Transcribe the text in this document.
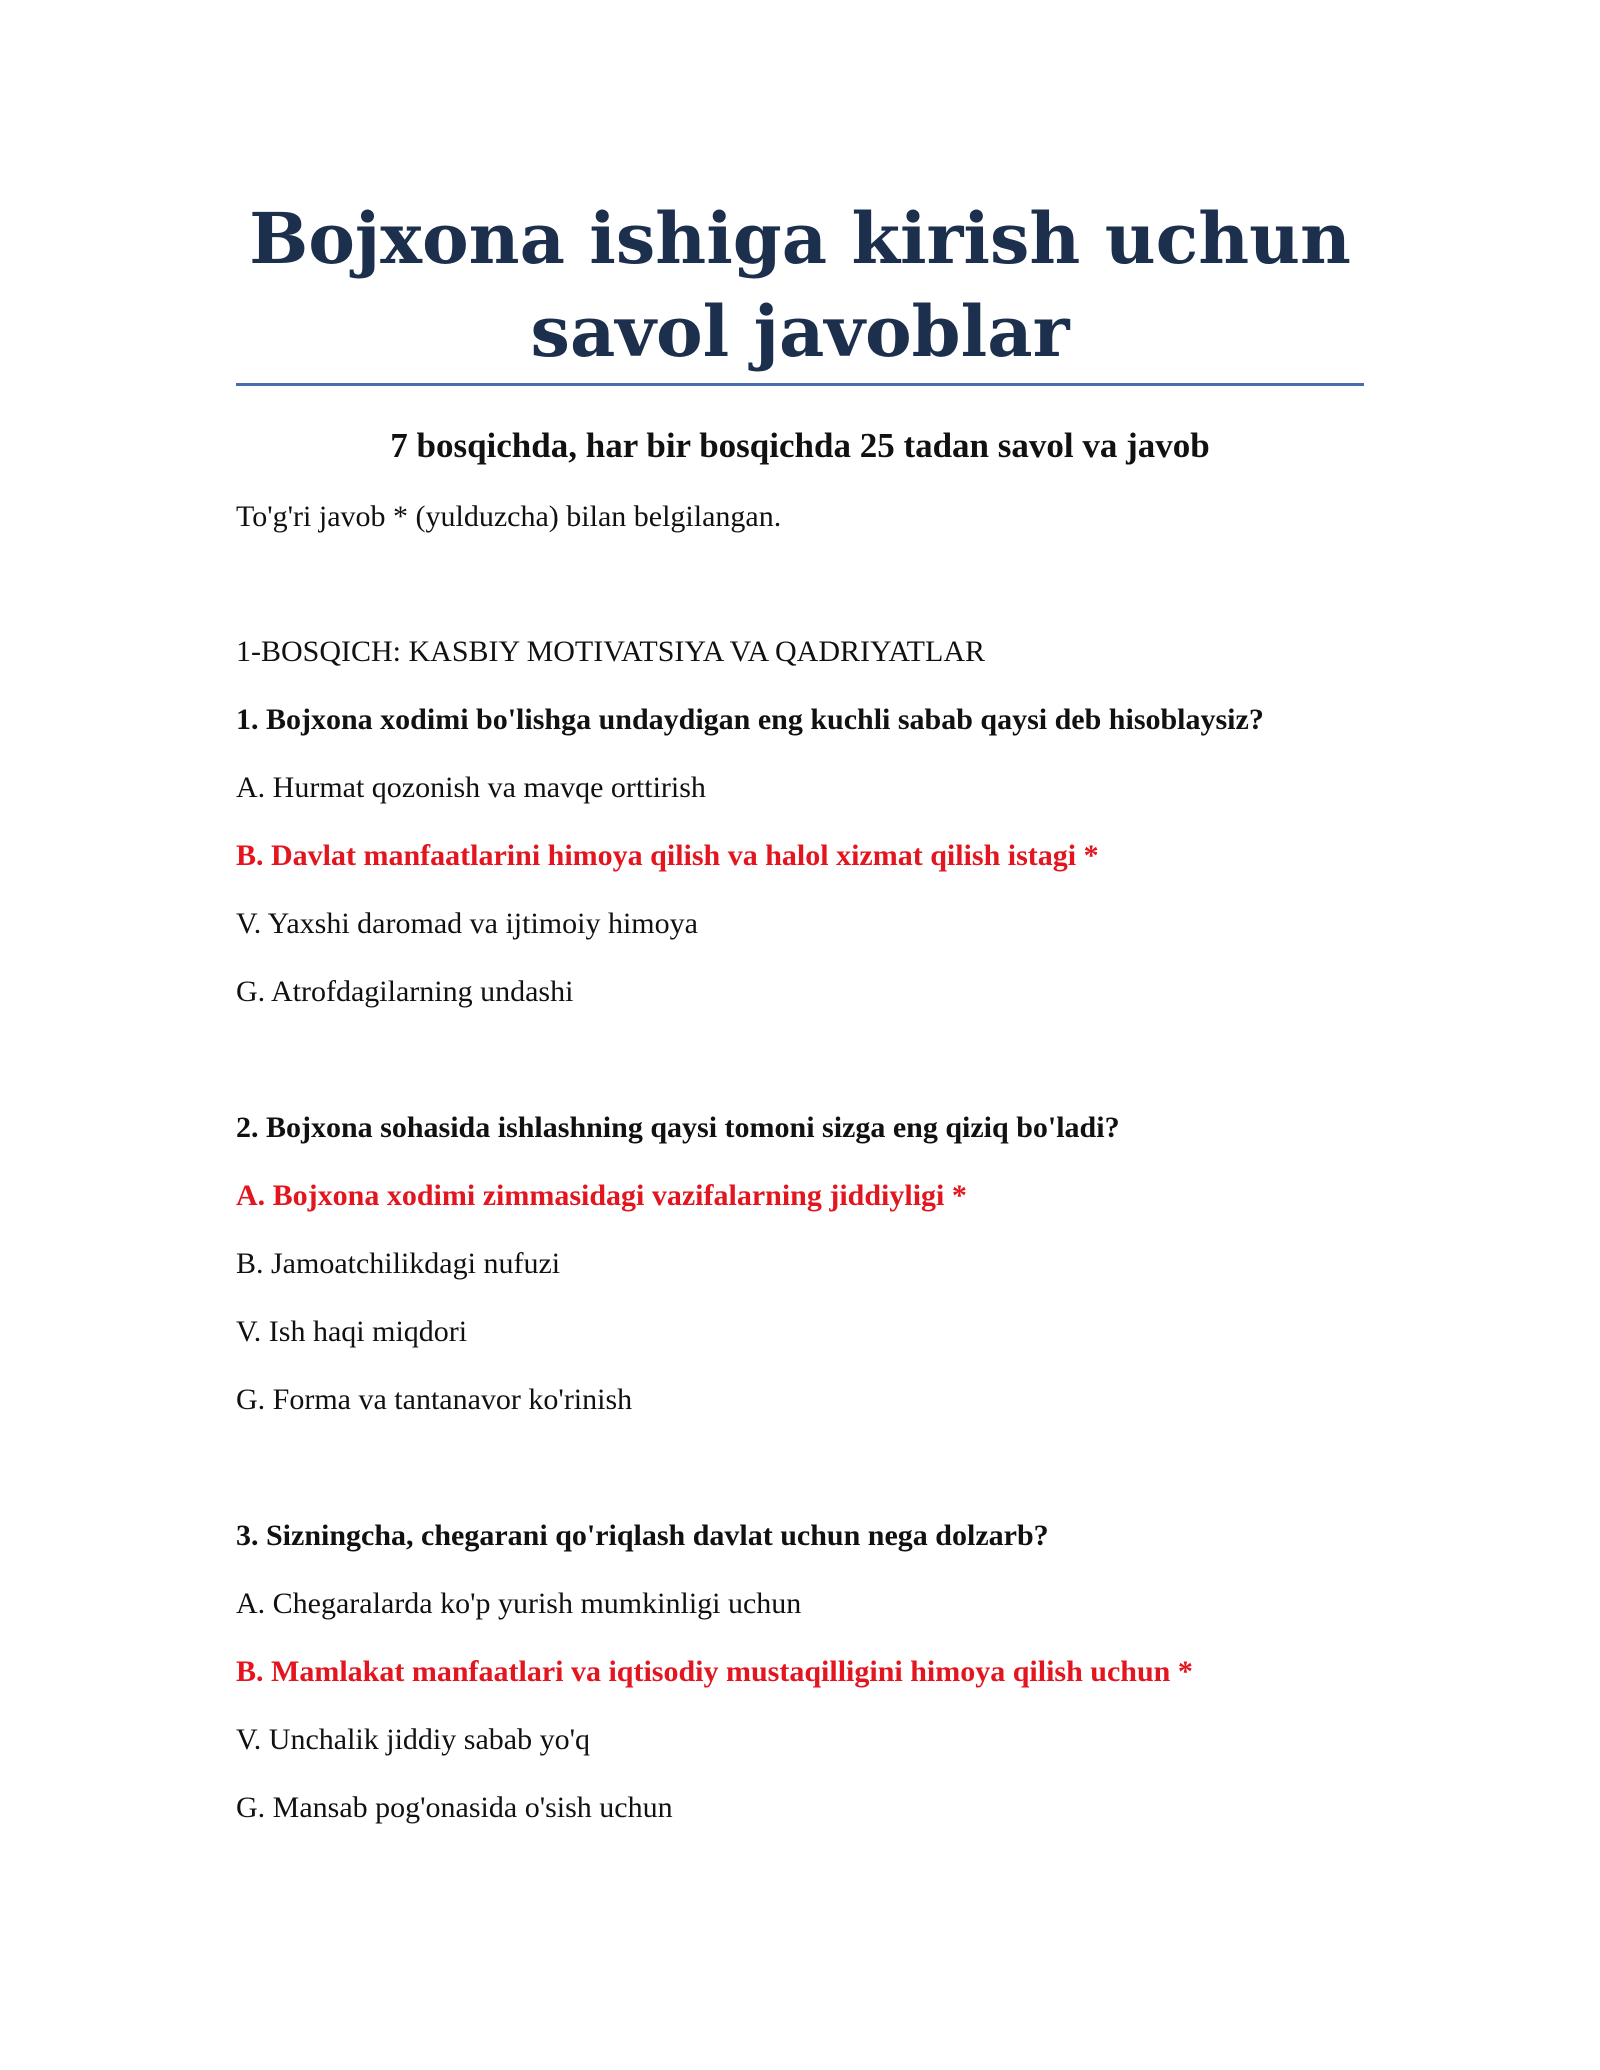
Bojxona ishiga kirish uchun
savol javoblar

7 bosqichda, har bir bosqichda 25 tadan savol va javob

To'g'ri javob * (yulduzcha) bilan belgilangan.

1-BOSQICH: KASBIY MOTIVATSIYA VA QADRIYATLAR

1. Bojxona xodimi bo'lishga undaydigan eng kuchli sabab qaysi deb hisoblaysiz?

A. Hurmat qozonish va mavqe orttirish

B. Davlat manfaatlarini himoya qilish va halol xizmat qilish istagi *

V. Yaxshi daromad va ijtimoiy himoya

G. Atrofdagilarning undashi

2. Bojxona sohasida ishlashning qaysi tomoni sizga eng qiziq bo'ladi?

A. Bojxona xodimi zimmasidagi vazifalarning jiddiyligi *

B. Jamoatchilikdagi nufuzi

V. Ish haqi miqdori

G. Forma va tantanavor ko'rinish

3. Sizningcha, chegarani qo'riqlash davlat uchun nega dolzarb?

A. Chegaralarda ko'p yurish mumkinligi uchun

B. Mamlakat manfaatlari va iqtisodiy mustaqilligini himoya qilish uchun *

V. Unchalik jiddiy sabab yo'q

G. Mansab pog'onasida o'sish uchun
